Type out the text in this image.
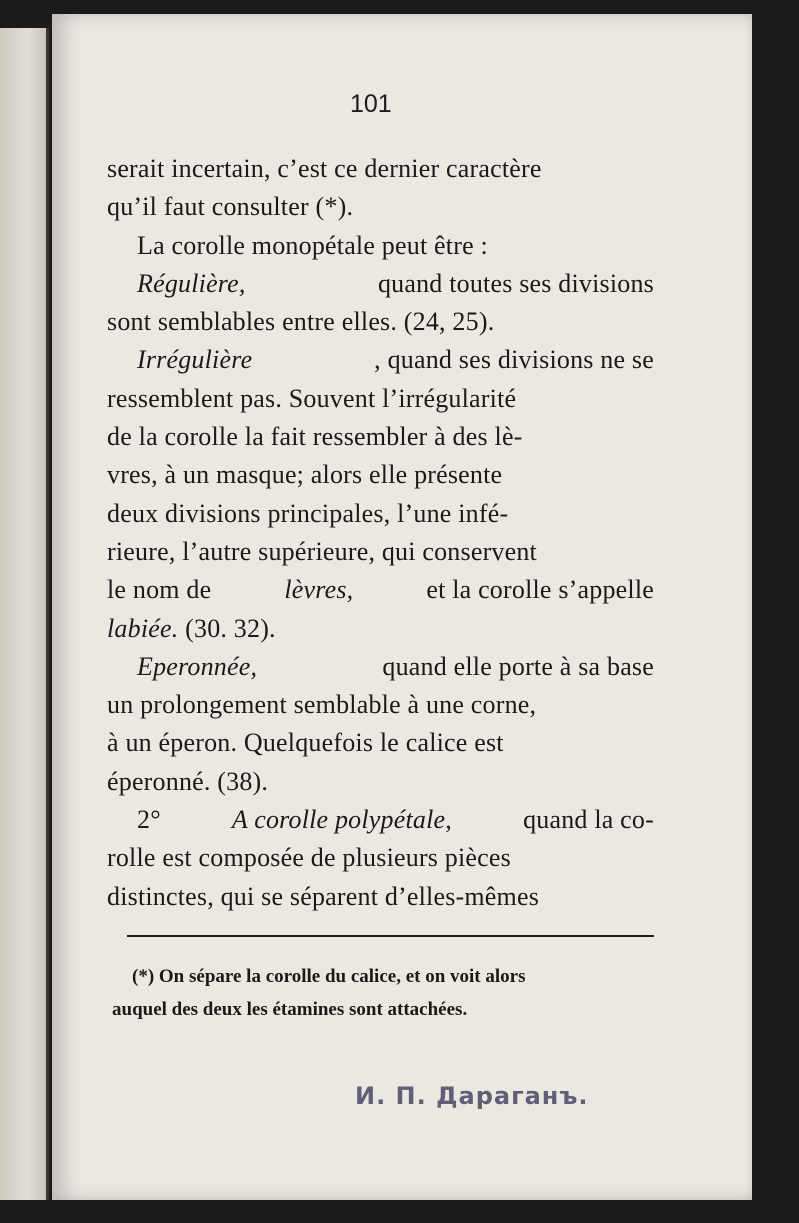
101
serait incertain, c’est ce dernier caractère
qu’il faut consulter (*).
La corolle monopétale peut être :
Régulière,	quand toutes ses divisions
sont semblables entre elles. (24, 25).
Irrégulière	, quand ses divisions ne se
ressemblent pas. Souvent l’irrégularité
de la corolle la fait ressembler à des lè-
vres, à un masque; alors elle présente
deux divisions principales, l’une infé-
rieure, l’autre supérieure, qui conservent
le nom de	lèvres,	et la corolle s’appelle
labiée. (30. 32).
Eperonnée,	quand elle porte à sa base
un prolongement semblable à une corne,
à un éperon. Quelquefois le calice est
éperonné. (38).
2° A corolle polypétale, quand la co-
rolle est composée de plusieurs pièces
distinctes, qui se séparent d’elles-mêmes
(*) On sépare la corolle du calice, et on voit alors
auquel des deux les étamines sont attachées.
И. П. Дараганъ.
